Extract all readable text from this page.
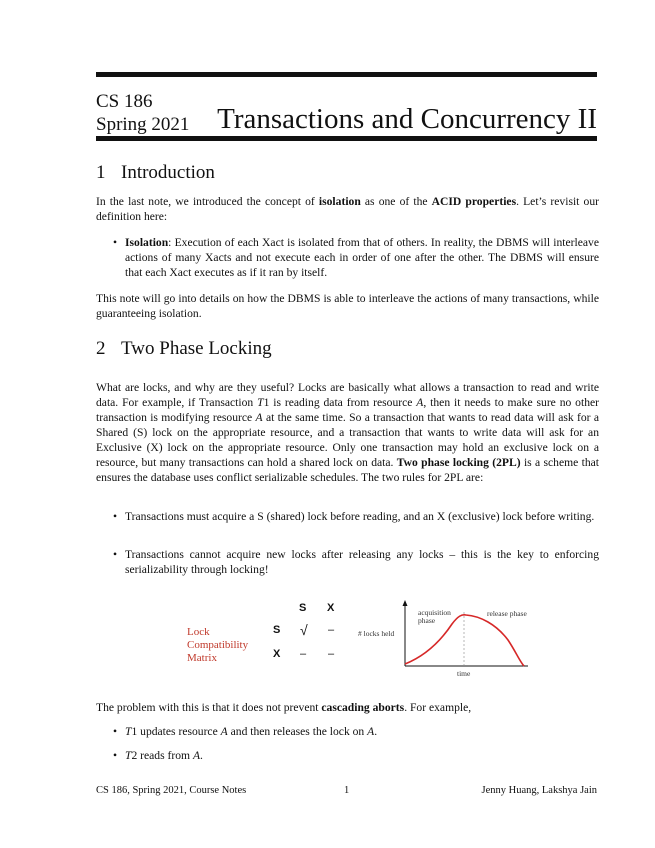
CS 186
Spring 2021 Transactions and Concurrency II
1 Introduction
In the last note, we introduced the concept of isolation as one of the ACID properties. Let’s revisit our definition here:
• Isolation: Execution of each Xact is isolated from that of others. In reality, the DBMS will interleave actions of many Xacts and not execute each in order of one after the other. The DBMS will ensure that each Xact executes as if it ran by itself.
This note will go into details on how the DBMS is able to interleave the actions of many transactions, while guaranteeing isolation.
2 Two Phase Locking
What are locks, and why are they useful? Locks are basically what allows a transaction to read and write data. For example, if Transaction T1 is reading data from resource A, then it needs to make sure no other transaction is modifying resource A at the same time. So a transaction that wants to read data will ask for a Shared (S) lock on the appropriate resource, and a transaction that wants to write data will ask for an Exclusive (X) lock on the appropriate resource. Only one transaction may hold an exclusive lock on a resource, but many transactions can hold a shared lock on data. Two phase locking (2PL) is a scheme that ensures the database uses conflict serializable schedules. The two rules for 2PL are:
• Transactions must acquire a S (shared) lock before reading, and an X (exclusive) lock before writing.
• Transactions cannot acquire new locks after releasing any locks – this is the key to enforcing serializability through locking!
Lock
Compatibility
Matrix
S X
S
X
√ –
– –
acquisition
phase
release phase
# locks held
time
The problem with this is that it does not prevent cascading aborts. For example,
• T1 updates resource A and then releases the lock on A.
• T2 reads from A.
CS 186, Spring 2021, Course Notes	1	Jenny Huang, Lakshya Jain
